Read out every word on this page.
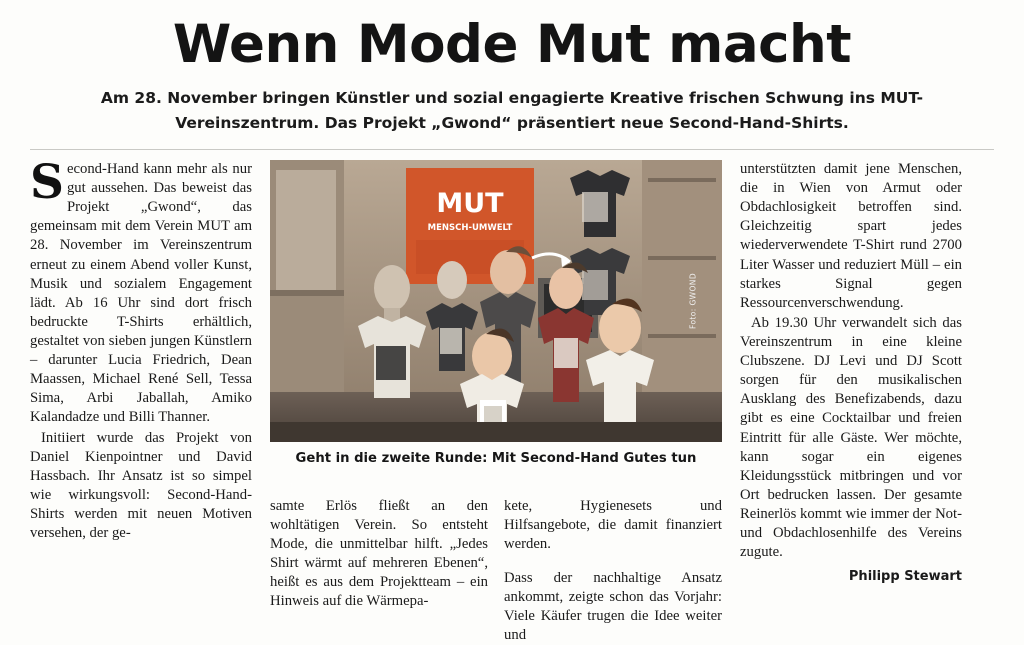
Wenn Mode Mut macht
Am 28. November bringen Künstler und sozial engagierte Kreative frischen Schwung ins MUT-Vereinszentrum. Das Projekt „Gwond“ präsentiert neue Second-Hand-Shirts.

Second-Hand kann mehr als nur gut aussehen. Das beweist das Projekt „Gwond“, das gemeinsam mit dem Verein MUT am 28. November im Vereinszentrum erneut zu einem Abend voller Kunst, Musik und sozialem Engagement lädt. Ab 16 Uhr sind dort frisch bedruckte T-Shirts erhältlich, gestaltet von sieben jungen Künstlern – darunter Lucia Friedrich, Dean Maassen, Michael René Sell, Tessa Sima, Arbi Jaballah, Amiko Kalandadze und Billi Thanner.

Initiiert wurde das Projekt von Daniel Kienpointner und David Hassbach. Ihr Ansatz ist so simpel wie wirkungsvoll: Second-Hand-Shirts werden mit neuen Motiven versehen, der ge-

MUT
MENSCH-UMWELT
Foto: GWOND
Geht in die zweite Runde: Mit Second-Hand Gutes tun

samte Erlös fließt an den wohltätigen Verein. So entsteht Mode, die unmittelbar hilft. „Jedes Shirt wärmt auf mehreren Ebenen“, heißt es aus dem Projektteam – ein Hinweis auf die Wärmepa-

kete, Hygienesets und Hilfsangebote, die damit finanziert werden.

Dass der nachhaltige Ansatz ankommt, zeigte schon das Vorjahr: Viele Käufer trugen die Idee weiter und

unterstützten damit jene Menschen, die in Wien von Armut oder Obdachlosigkeit betroffen sind. Gleichzeitig spart jedes wiederverwendete T-Shirt rund 2700 Liter Wasser und reduziert Müll – ein starkes Signal gegen Ressourcenverschwendung.

Ab 19.30 Uhr verwandelt sich das Vereinszentrum in eine kleine Clubszene. DJ Levi und DJ Scott sorgen für den musikalischen Ausklang des Benefizabends, dazu gibt es eine Cocktailbar und freien Eintritt für alle Gäste. Wer möchte, kann sogar ein eigenes Kleidungsstück mitbringen und vor Ort bedrucken lassen. Der gesamte Reinerlös kommt wie immer der Not- und Obdachlosenhilfe des Vereins zugute.

Philipp Stewart
